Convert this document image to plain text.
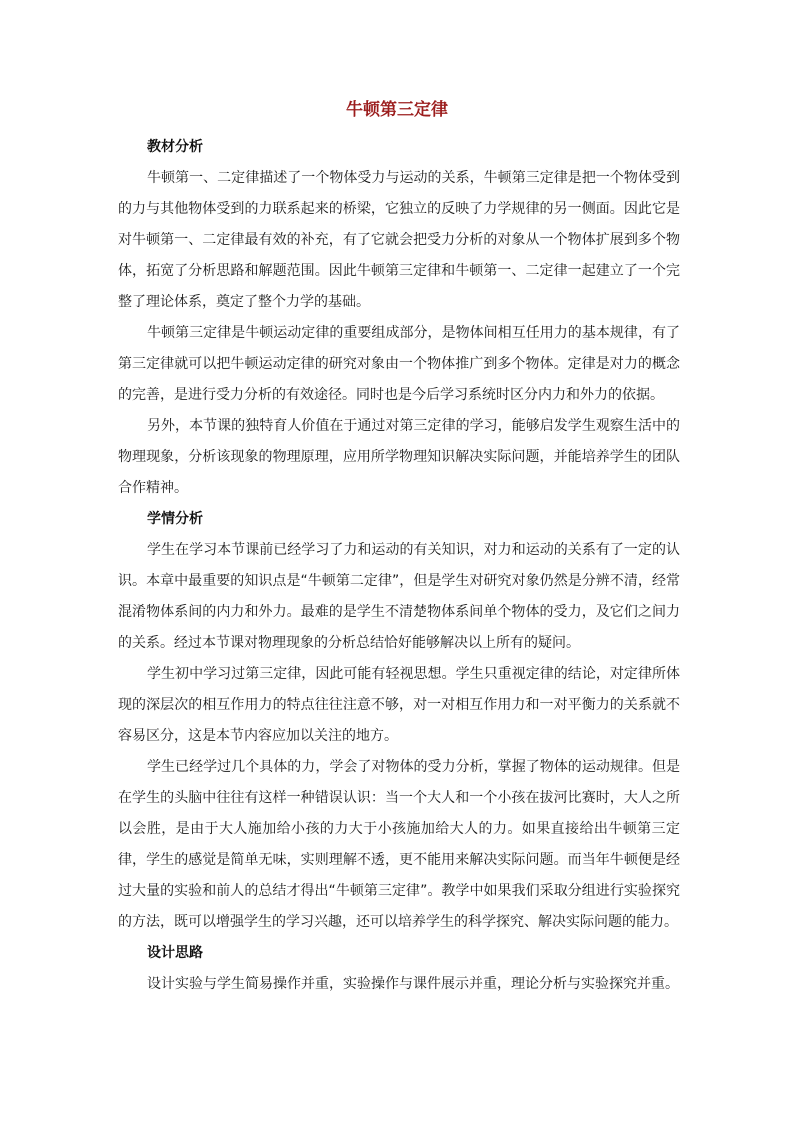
牛顿第三定律
教材分析

牛顿第一、二定律描述了一个物体受力与运动的关系，牛顿第三定律是把一个物体受到的力与其他物体受到的力联系起来的桥梁，它独立的反映了力学规律的另一侧面。因此它是对牛顿第一、二定律最有效的补充，有了它就会把受力分析的对象从一个物体扩展到多个物体，拓宽了分析思路和解题范围。因此牛顿第三定律和牛顿第一、二定律一起建立了一个完整了理论体系，奠定了整个力学的基础。

牛顿第三定律是牛顿运动定律的重要组成部分，是物体间相互任用力的基本规律，有了第三定律就可以把牛顿运动定律的研究对象由一个物体推广到多个物体。定律是对力的概念的完善，是进行受力分析的有效途径。同时也是今后学习系统时区分内力和外力的依据。

另外，本节课的独特育人价值在于通过对第三定律的学习，能够启发学生观察生活中的物理现象，分析该现象的物理原理，应用所学物理知识解决实际问题，并能培养学生的团队合作精神。

学情分析

学生在学习本节课前已经学习了力和运动的有关知识，对力和运动的关系有了一定的认识。本章中最重要的知识点是“牛顿第二定律”，但是学生对研究对象仍然是分辨不清，经常混淆物体系间的内力和外力。最难的是学生不清楚物体系间单个物体的受力，及它们之间力的关系。经过本节课对物理现象的分析总结恰好能够解决以上所有的疑问。

学生初中学习过第三定律，因此可能有轻视思想。学生只重视定律的结论，对定律所体现的深层次的相互作用力的特点往往注意不够，对一对相互作用力和一对平衡力的关系就不容易区分，这是本节内容应加以关注的地方。

学生已经学过几个具体的力，学会了对物体的受力分析，掌握了物体的运动规律。但是在学生的头脑中往往有这样一种错误认识：当一个大人和一个小孩在拔河比赛时，大人之所以会胜，是由于大人施加给小孩的力大于小孩施加给大人的力。如果直接给出牛顿第三定律，学生的感觉是简单无味，实则理解不透，更不能用来解决实际问题。而当年牛顿便是经过大量的实验和前人的总结才得出“牛顿第三定律”。教学中如果我们采取分组进行实验探究的方法，既可以增强学生的学习兴趣，还可以培养学生的科学探究、解决实际问题的能力。

设计思路

设计实验与学生简易操作并重，实验操作与课件展示并重，理论分析与实验探究并重。
